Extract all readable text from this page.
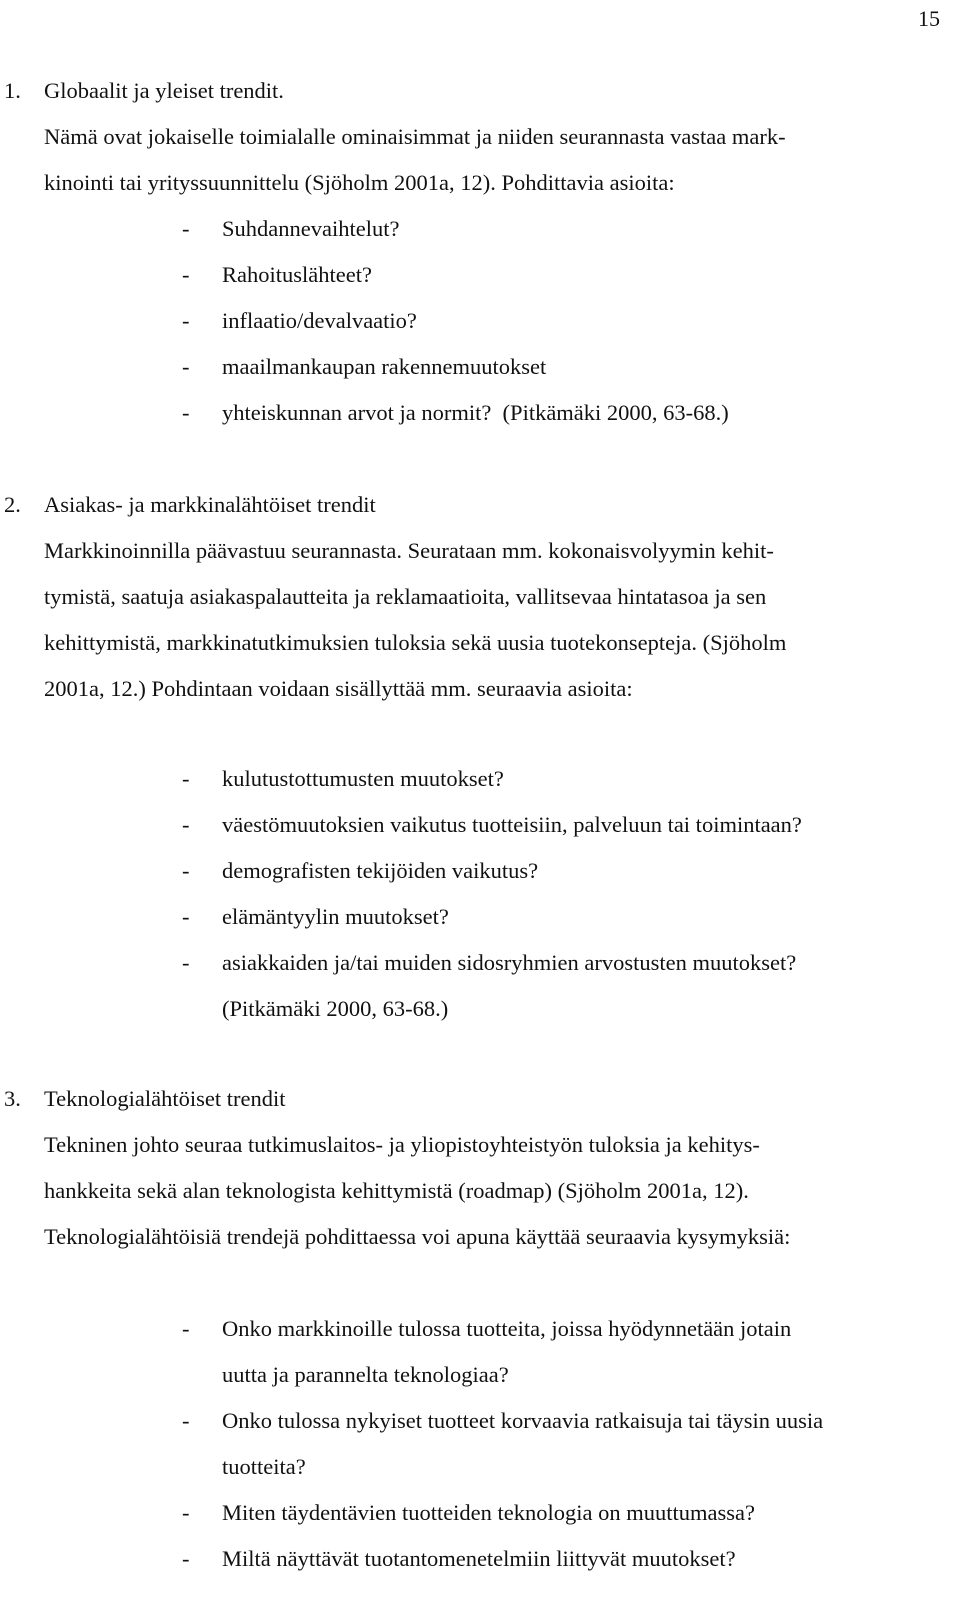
15
1. Globaalit ja yleiset trendit.
Nämä ovat jokaiselle toimialalle ominaisimmat ja niiden seurannasta vastaa mark-
kinointi tai yrityssuunnittelu (Sjöholm 2001a, 12). Pohdittavia asioita:
- Suhdannevaihtelut?
- Rahoituslähteet?
- inflaatio/devalvaatio?
- maailmankaupan rakennemuutokset
- yhteiskunnan arvot ja normit?  (Pitkämäki 2000, 63-68.)
2. Asiakas- ja markkinalähtöiset trendit
Markkinoinnilla päävastuu seurannasta. Seurataan mm. kokonaisvolyymin kehit-
tymistä, saatuja asiakaspalautteita ja reklamaatioita, vallitsevaa hintatasoa ja sen
kehittymistä, markkinatutkimuksien tuloksia sekä uusia tuotekonsepteja. (Sjöholm
2001a, 12.) Pohdintaan voidaan sisällyttää mm. seuraavia asioita:
- kulutustottumusten muutokset?
- väestömuutoksien vaikutus tuotteisiin, palveluun tai toimintaan?
- demografisten tekijöiden vaikutus?
- elämäntyylin muutokset?
- asiakkaiden ja/tai muiden sidosryhmien arvostusten muutokset?
(Pitkämäki 2000, 63-68.)
3. Teknologialähtöiset trendit
Tekninen johto seuraa tutkimuslaitos- ja yliopistoyhteistyön tuloksia ja kehitys-
hankkeita sekä alan teknologista kehittymistä (roadmap) (Sjöholm 2001a, 12).
Teknologialähtöisiä trendejä pohdittaessa voi apuna käyttää seuraavia kysymyksiä:
- Onko markkinoille tulossa tuotteita, joissa hyödynnetään jotain
uutta ja parannelta teknologiaa?
- Onko tulossa nykyiset tuotteet korvaavia ratkaisuja tai täysin uusia
tuotteita?
- Miten täydentävien tuotteiden teknologia on muuttumassa?
- Miltä näyttävät tuotantomenetelmiin liittyvät muutokset?
